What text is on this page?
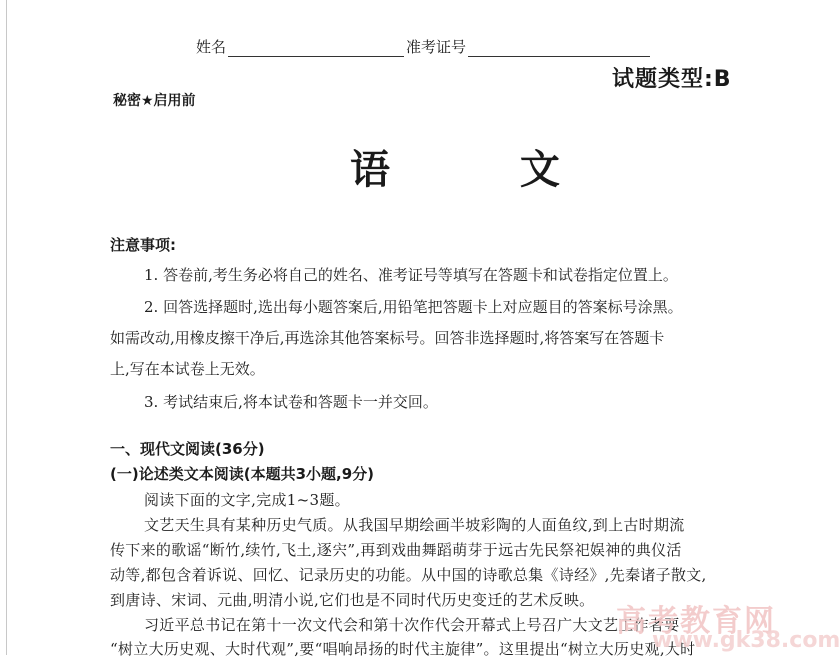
姓名	准考证号
试题类型:B
秘密★启用前
语 文
注意事项:
1. 答卷前,考生务必将自己的姓名、准考证号等填写在答题卡和试卷指定位置上。
2. 回答选择题时,选出每小题答案后,用铅笔把答题卡上对应题目的答案标号涂黑。
如需改动,用橡皮擦干净后,再选涂其他答案标号。回答非选择题时,将答案写在答题卡
上,写在本试卷上无效。
3. 考试结束后,将本试卷和答题卡一并交回。
一、现代文阅读(36分)
(一)论述类文本阅读(本题共3小题,9分)
阅读下面的文字,完成1~3题。
文艺天生具有某种历史气质。从我国早期绘画半坡彩陶的人面鱼纹,到上古时期流
传下来的歌谣“断竹,续竹,飞土,逐宍”,再到戏曲舞蹈萌芽于远古先民祭祀娱神的典仪活
动等,都包含着诉说、回忆、记录历史的功能。从中国的诗歌总集《诗经》,先秦诸子散文,
到唐诗、宋词、元曲,明清小说,它们也是不同时代历史变迁的艺术反映。
习近平总书记在第十一次文代会和第十次作代会开幕式上号召广大文艺工作者要
“树立大历史观、大时代观”,要“唱响昂扬的时代主旋律”。这里提出“树立大历史观,大时
高考教育网
www.gk38.com
